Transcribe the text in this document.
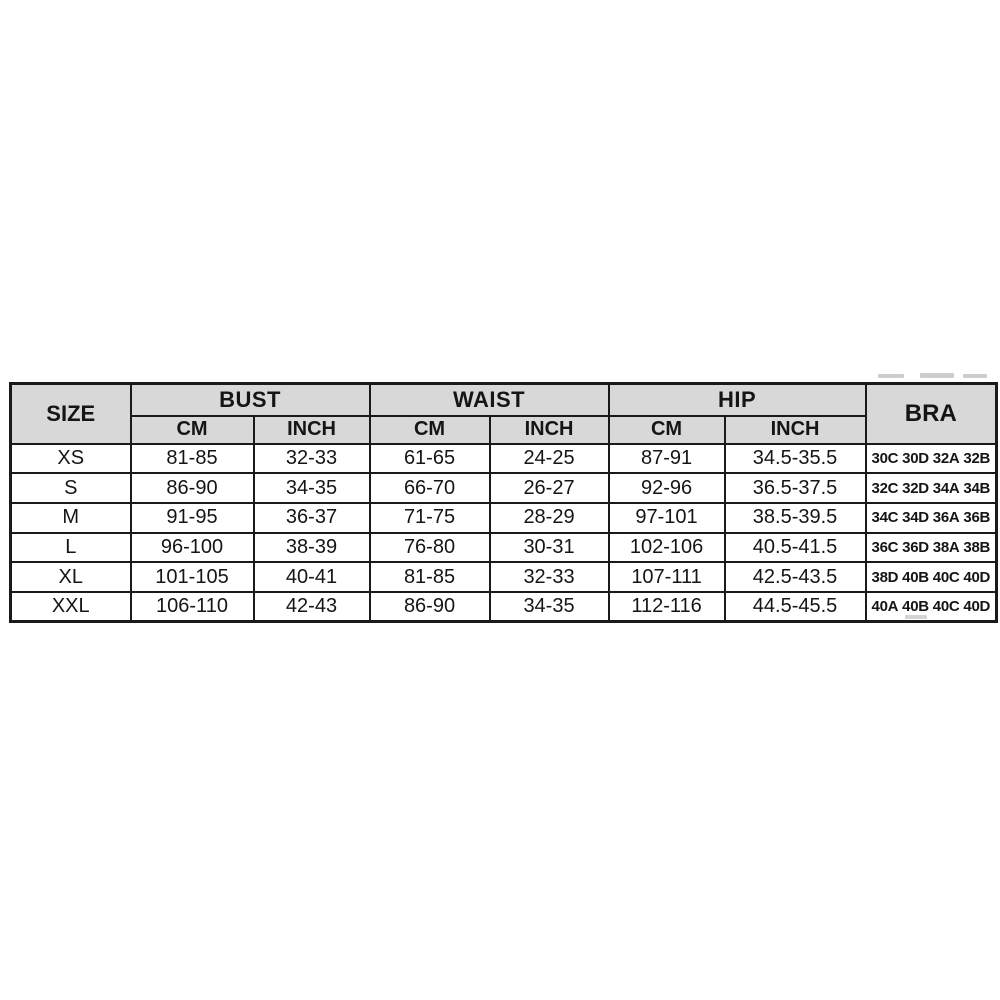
SIZE	BUST		WAIST		HIP		BRA
	CM	INCH	CM	INCH	CM	INCH	
XS	81-85	32-33	61-65	24-25	87-91	34.5-35.5	30C 30D 32A 32B

S	86-90	34-35	66-70	26-27	92-96	36.5-37.5	32C 32D 34A 34B

M	91-95	36-37	71-75	28-29	97-101	38.5-39.5	34C 34D 36A 36B

L	96-100	38-39	76-80	30-31	102-106	40.5-41.5	36C 36D 38A 38B

XL	101-105	40-41	81-85	32-33	107-111	42.5-43.5	38D 40B 40C 40D

XXL	106-110	42-43	86-90	34-35	112-116	44.5-45.5	40A 40B 40C 40D
